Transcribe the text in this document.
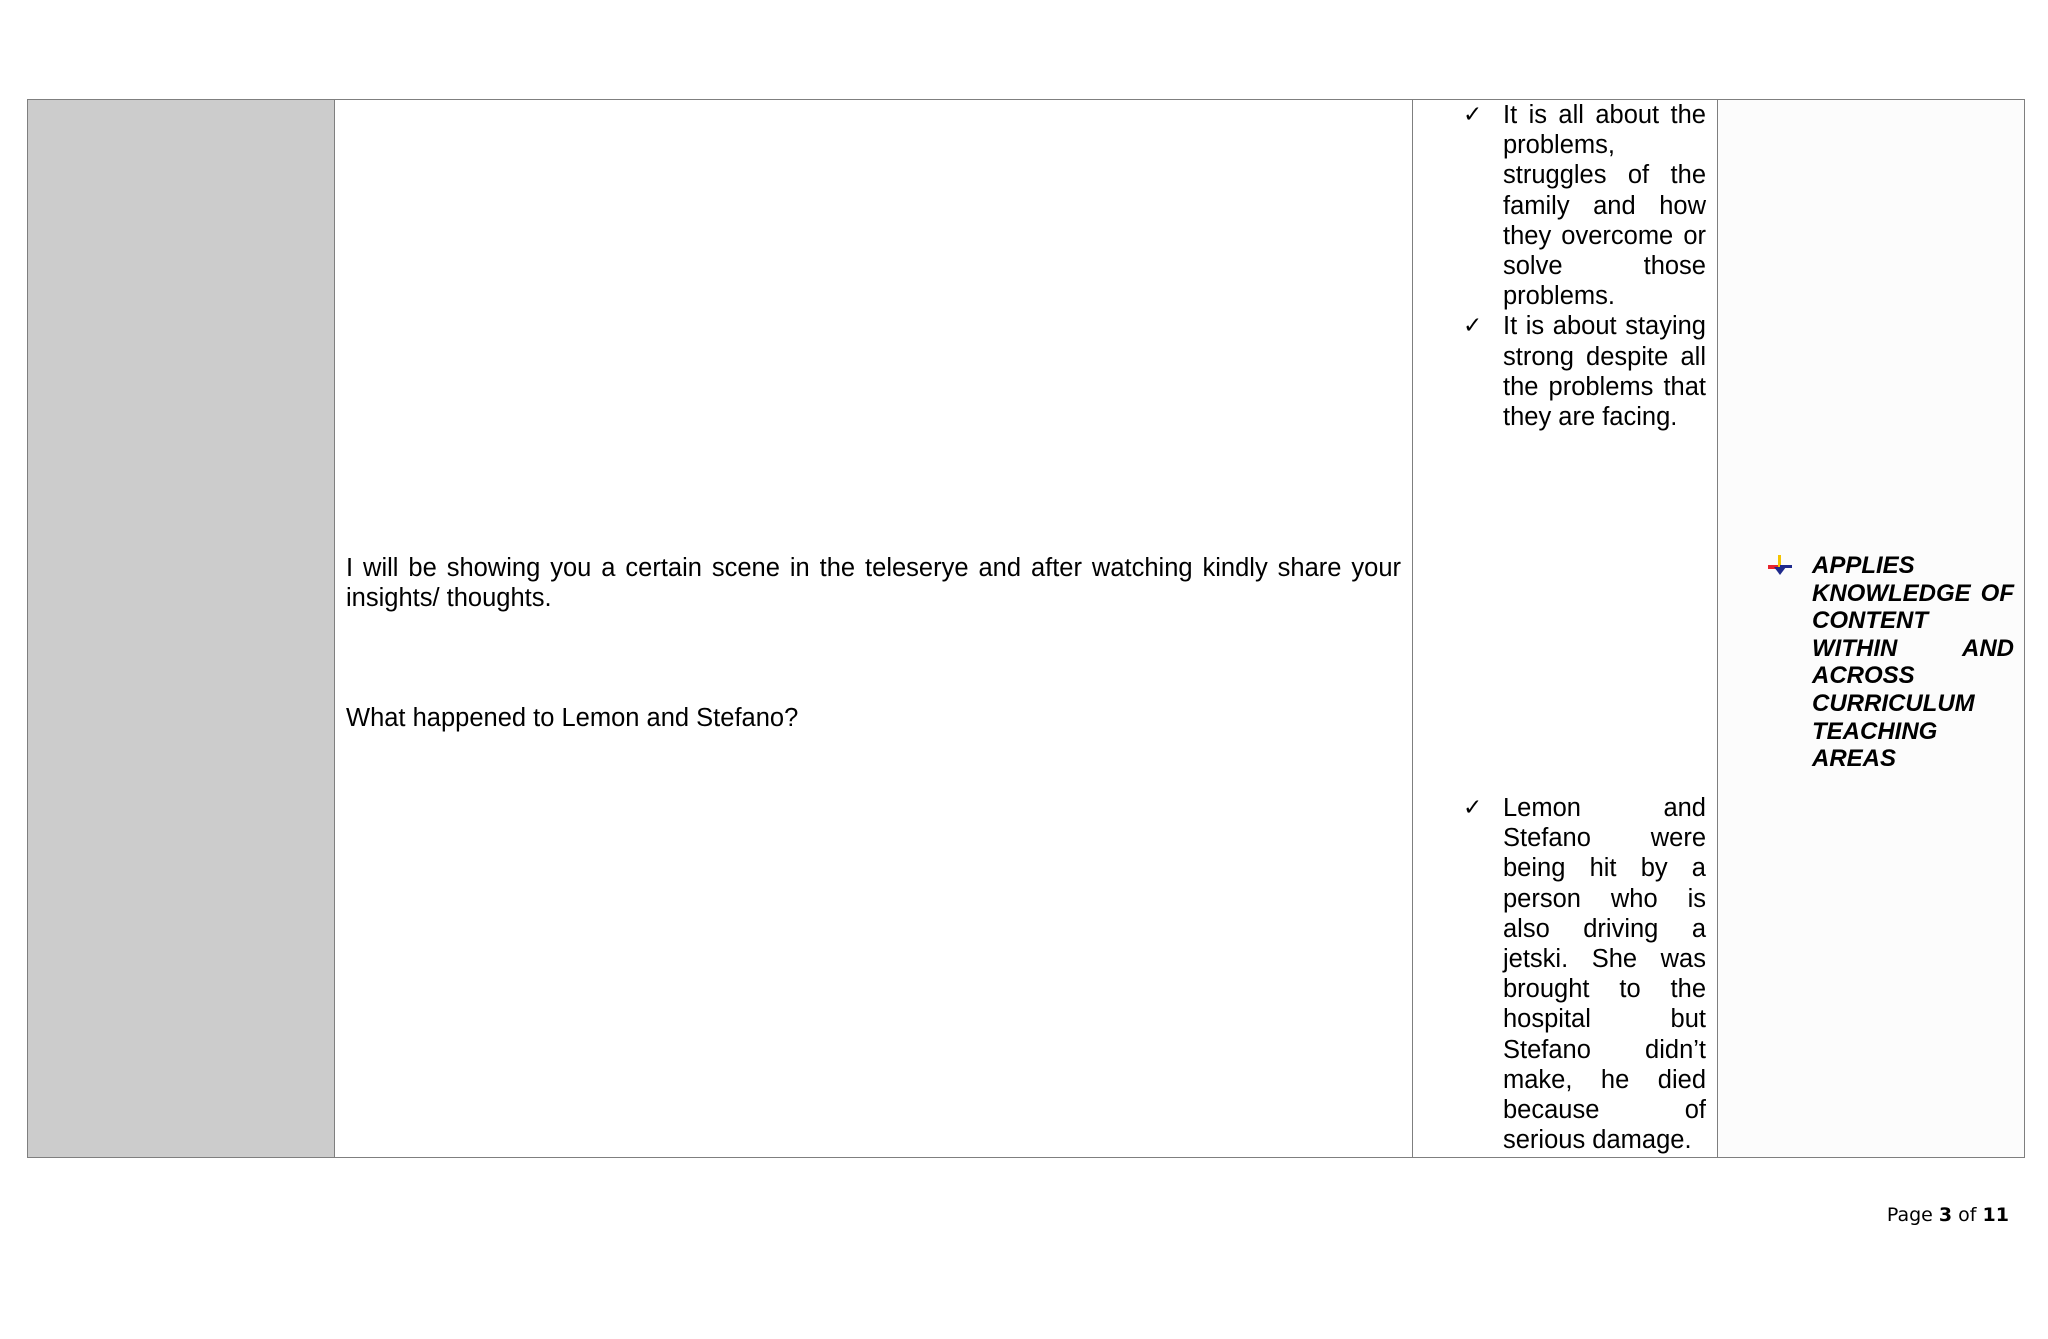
I will be showing you a certain scene in the teleserye and after watching kindly share your insights/ thoughts.
What happened to Lemon and Stefano?

✓ It is all about the problems, struggles of the family and how they overcome or solve those problems.
✓ It is about staying strong despite all the problems that they are facing.
✓ Lemon and Stefano were being hit by a person who is also driving a jetski. She was brought to the hospital but Stefano didn’t make, he died because of serious damage.

APPLIES KNOWLEDGE OF CONTENT WITHIN AND ACROSS CURRICULUM TEACHING AREAS

Page 3 of 11
